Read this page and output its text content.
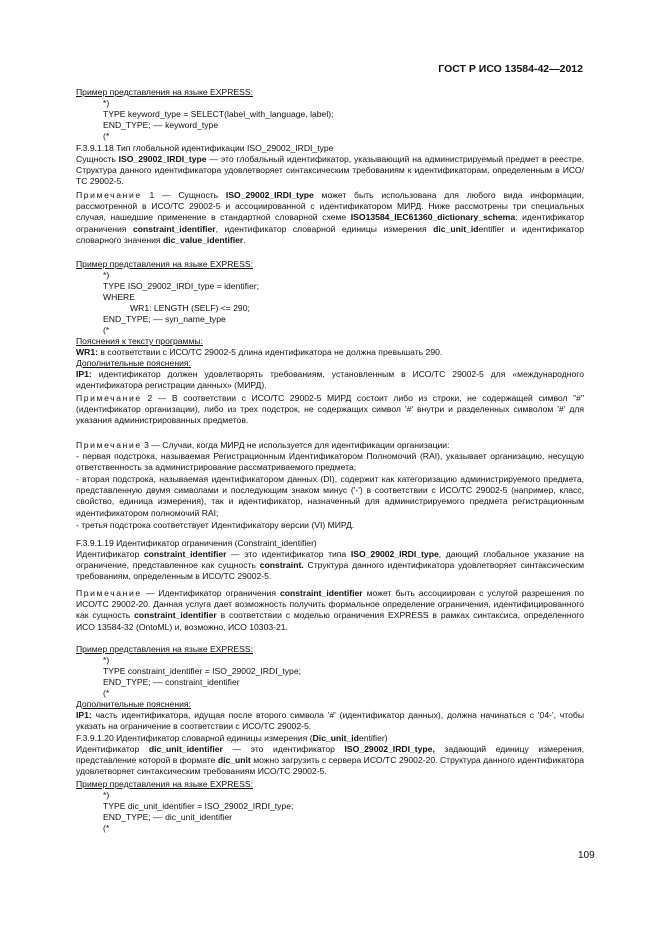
ГОСТ Р ИСО 13584-42—2012
Пример представления на языке EXPRESS:
*)
TYPE keyword_type = SELECT(label_with_language, label);
END_TYPE; –– keyword_type
(*
F.3.9.1.18 Тип глобальной идентификации ISO_29002_IRDI_type
Сущность ISO_29002_IRDI_type — это глобальный идентификатор, указывающий на администрируемый предмет в реестре. Структура данного идентификатора удовлетворяет синтаксическим требованиям к идентификаторам, определенным в ИСО/ТС 29002-5.
Примечание 1 — Сущность ISO_29002_IRDI_type может быть использована для любого вида информации, рассмотренной в ИСО/ТС 29002-5 и ассоциированной с идентификатором МИРД. Ниже рассмотрены три специальных случая, нашедшие применение в стандартной словарной схеме ISO13584_IEC61360_dictionary_schema: идентификатор ограничения constraint_identifier, идентификатор словарной единицы измерения dic_unit_identifier и идентификатор словарного значения dic_value_identifier.
Пример представления на языке EXPRESS:
*)
TYPE ISO_29002_IRDI_type = identifier;
WHERE
WR1: LENGTH (SELF) <= 290;
END_TYPE; –– syn_name_type
(*
Пояснения к тексту программы:
WR1: в соответствии с ИСО/ТС 29002-5 длина идентификатора не должна превышать 290.
Дополнительные пояснения:
IP1: идентификатор должен удовлетворять требованиям, установленным в ИСО/ТС 29002-5 для «международного идентификатора регистрации данных» (МИРД).
Примечание 2 — В соответствии с ИСО/ТС 29002-5 МИРД состоит либо из строки, не содержащей символ "#" (идентификатор организации), либо из трех подстрок, не содержащих символ '#' внутри и разделенных символом '#' для указания администрированных предметов.
Примечание 3 — Случаи, когда МИРД не используется для идентификации организации:
- первая подстрока, называемая Регистрационным Идентификатором Полномочий (RAI), указывает организацию, несущую ответственность за администрирование рассматриваемого предмета;
- вторая подстрока, называемая идентификатором данных (DI), содержит как категоризацию администрируемого предмета, представленную двумя символами и последующим знаком минус ('-') в соответствии с ИСО/ТС 29002-5 (например, класс, свойство, единица измерения), так и идентификатор, назначенный для администрируемого предмета регистрационным идентификатором полномочий RAI;
- третья подстрока соответствует Идентификатору версии (VI) МИРД.
F.3.9.1.19 Идентификатор ограничения (Constraint_identifier)
Идентификатор constraint_identifier — это идентификатор типа ISO_29002_IRDI_type, дающий глобальное указание на ограничение, представленное как сущность constraint. Структура данного идентификатора удовлетворяет синтаксическим требованиям, определенным в ИСО/ТС 29002-5.
Примечание — Идентификатор ограничения constraint_identifier может быть ассоциирован с услугой разрешения по ИСО/ТС 29002-20. Данная услуга дает возможность получить формальное определение ограничения, идентифицированного как сущность constraint_identifier в соответствии с моделью ограничения EXPRESS в рамках синтаксиса, определенного ИСО 13584-32 (OntoML) и, возможно, ИСО 10303-21.
Пример представления на языке EXPRESS:
*)
TYPE constraint_identifier = ISO_29002_IRDI_type;
END_TYPE; –– constraint_identifier
(*
Дополнительные пояснения:
IP1: часть идентификатора, идущая после второго символа '#' (идентификатор данных), должна начинаться с '04-', чтобы указать на ограничение в соответствии с ИСО/ТС 29002-5.
F.3.9.1.20 Идентификатор словарной единицы измерения (Dic_unit_identifier)
Идентификатор dic_unit_identifier — это идентификатор ISO_29002_IRDI_type, задающий единицу измерения, представление которой в формате dic_unit можно загрузить с сервера ИСО/ТС 29002-20. Структура данного идентификатора удовлетворяет синтаксическим требованиям ИСО/ТС 29002-5.
Пример представления на языке EXPRESS:
*)
TYPE dic_unit_identifier = ISO_29002_IRDI_type;
END_TYPE; –– dic_unit_identifier
(*
109
